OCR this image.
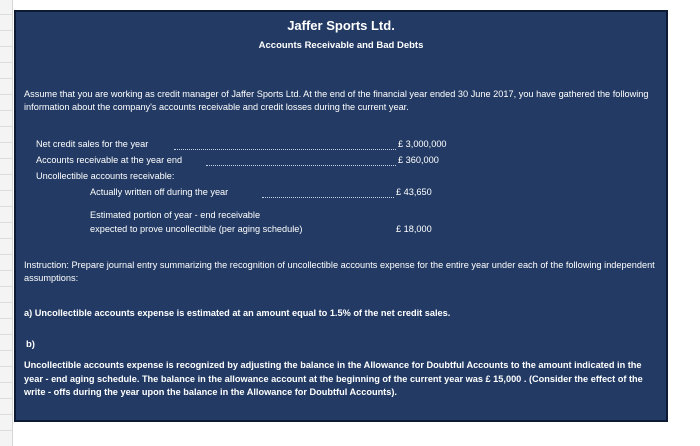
Jaffer Sports Ltd.
Accounts Receivable and Bad Debts
Assume that you are working as credit manager of Jaffer Sports Ltd. At the end of the financial year ended 30 June 2017, you have gathered the following information about the company's accounts receivable and credit losses during the current year.
Net credit sales for the year	£ 3,000,000
Accounts receivable at the year end	£ 360,000
Uncollectible accounts receivable:
Actually written off during the year	£ 43,650
Estimated portion of year - end receivable
expected to prove uncollectible (per aging schedule)	£ 18,000
Instruction: Prepare journal entry summarizing the recognition of uncollectible accounts expense for the entire year under each of the following independent assumptions:
a) Uncollectible accounts expense is estimated at an amount equal to 1.5% of the net credit sales.
b)
Uncollectible accounts expense is recognized by adjusting the balance in the Allowance for Doubtful Accounts to the amount indicated in the year - end aging schedule. The balance in the allowance account at the beginning of the current year was £ 15,000 . (Consider the effect of the write - offs during the year upon the balance in the Allowance for Doubtful Accounts).
